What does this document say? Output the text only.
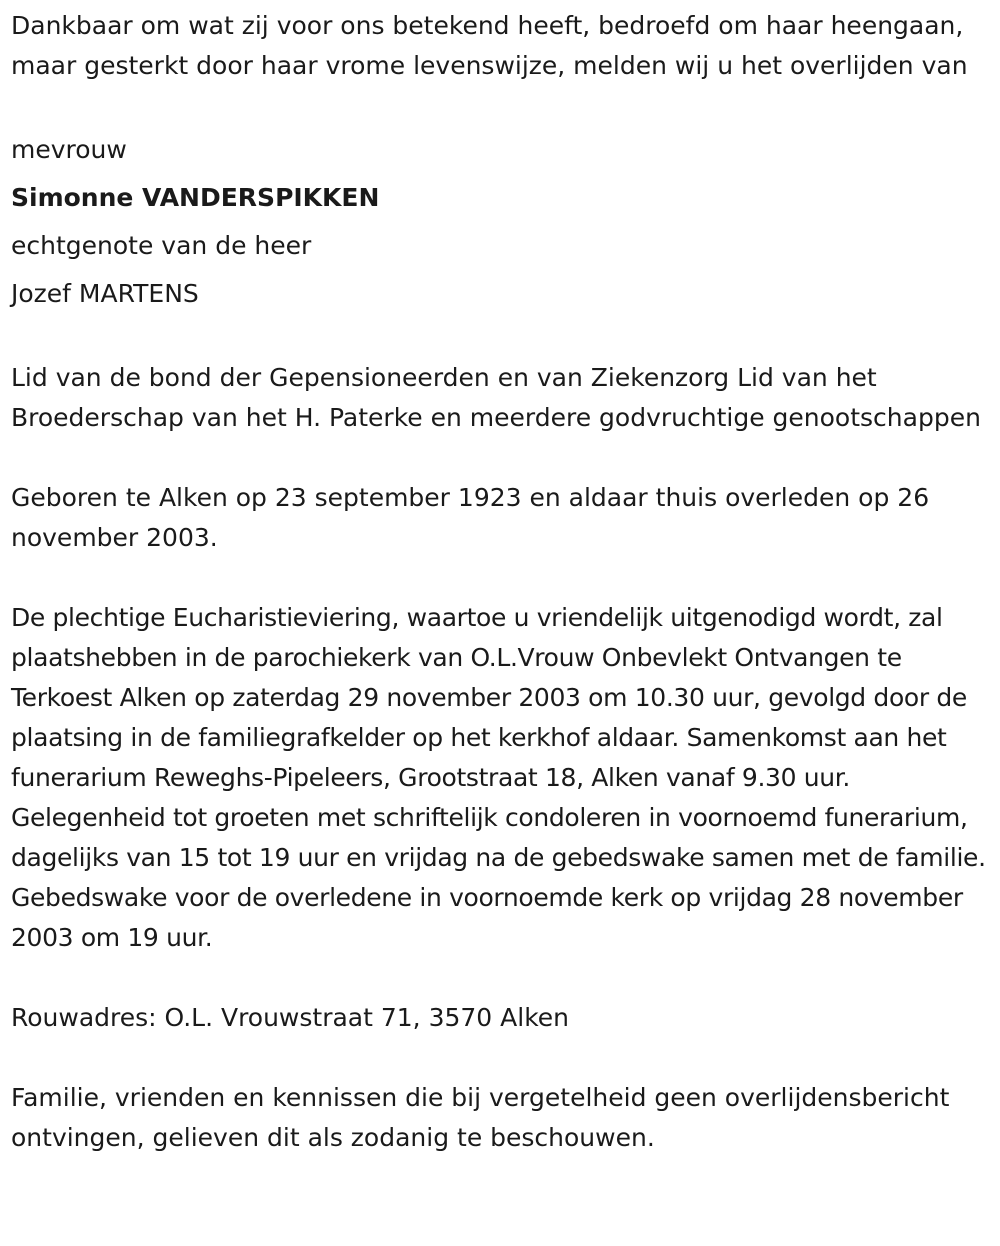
Dankbaar om wat zij voor ons betekend heeft, bedroefd om haar heengaan, maar gesterkt door haar vrome levenswijze, melden wij u het overlijden van

mevrouw

Simonne VANDERSPIKKEN

echtgenote van de heer

Jozef MARTENS

Lid van de bond der Gepensioneerden en van Ziekenzorg Lid van het Broederschap van het H. Paterke en meerdere godvruchtige genootschappen

Geboren te Alken op 23 september 1923 en aldaar thuis overleden op 26 november 2003.

De plechtige Eucharistieviering, waartoe u vriendelijk uitgenodigd wordt, zal plaatshebben in de parochiekerk van O.L.Vrouw Onbevlekt Ontvangen te Terkoest Alken op zaterdag 29 november 2003 om 10.30 uur, gevolgd door de plaatsing in de familiegrafkelder op het kerkhof aldaar. Samenkomst aan het funerarium Reweghs-Pipeleers, Grootstraat 18, Alken vanaf 9.30 uur. Gelegenheid tot groeten met schriftelijk condoleren in voornoemd funerarium, dagelijks van 15 tot 19 uur en vrijdag na de gebedswake samen met de familie. Gebedswake voor de overledene in voornoemde kerk op vrijdag 28 november 2003 om 19 uur.

Rouwadres: O.L. Vrouwstraat 71, 3570 Alken

Familie, vrienden en kennissen die bij vergetelheid geen overlijdensbericht ontvingen, gelieven dit als zodanig te beschouwen.
